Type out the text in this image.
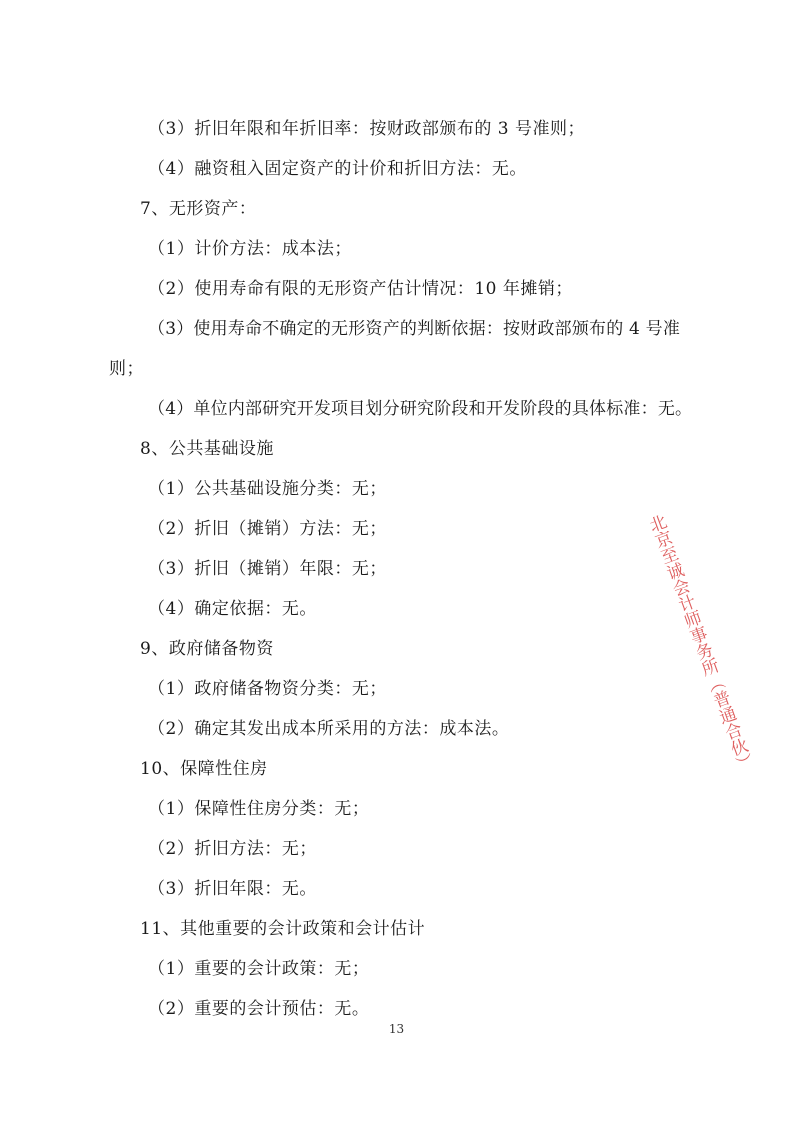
（3）折旧年限和年折旧率：按财政部颁布的 3 号准则；
（4）融资租入固定资产的计价和折旧方法：无。
7、无形资产：
（1）计价方法：成本法；
（2）使用寿命有限的无形资产估计情况：10 年摊销；
（3）使用寿命不确定的无形资产的判断依据：按财政部颁布的 4 号准
则；
（4）单位内部研究开发项目划分研究阶段和开发阶段的具体标准：无。
8、公共基础设施
（1）公共基础设施分类：无；
（2）折旧（摊销）方法：无；
（3）折旧（摊销）年限：无；
（4）确定依据：无。
9、政府储备物资
（1）政府储备物资分类：无；
（2）确定其发出成本所采用的方法：成本法。
10、保障性住房
（1）保障性住房分类：无；
（2）折旧方法：无；
（3）折旧年限：无。
11、其他重要的会计政策和会计估计
（1）重要的会计政策：无；
（2）重要的会计预估：无。
北京至诚会计师事务所（普通合伙）
13
